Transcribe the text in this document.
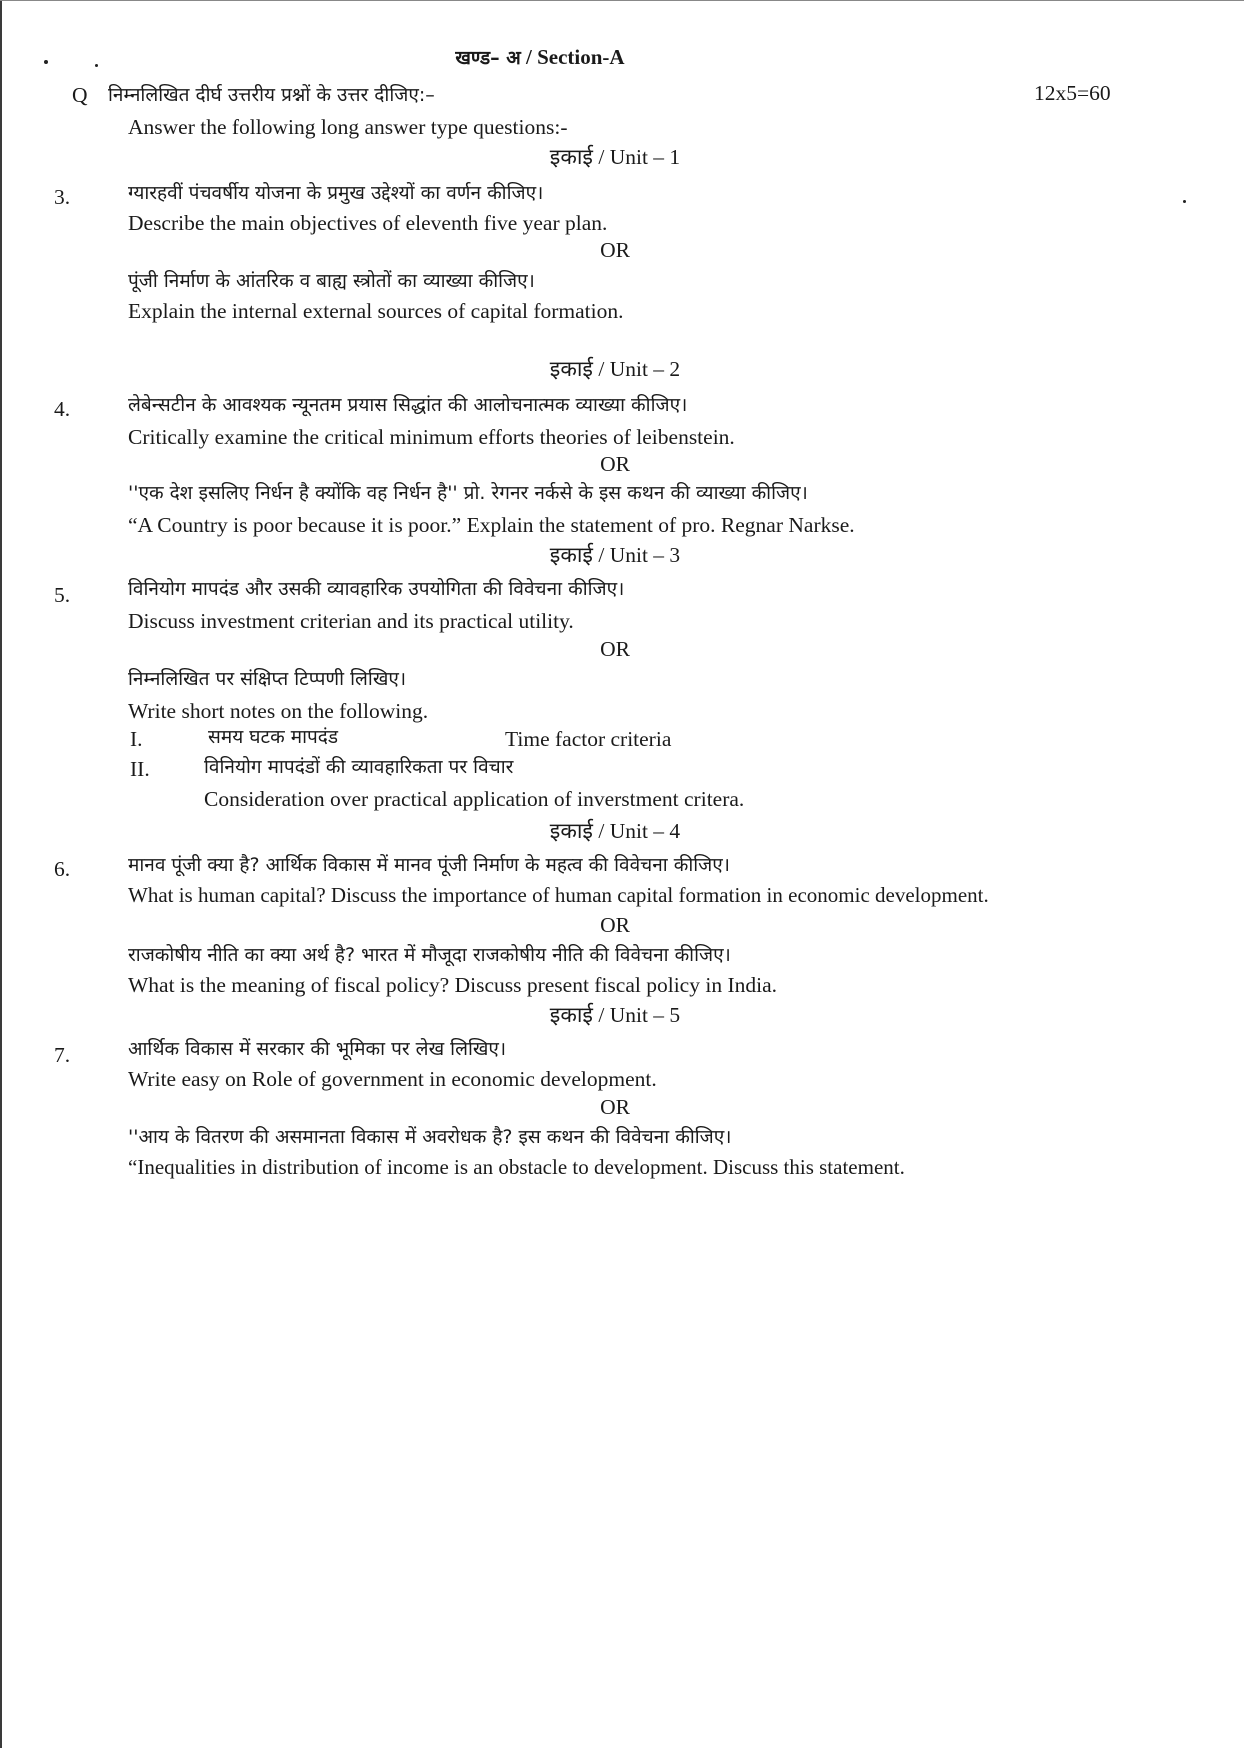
खण्ड– अ / Section-A
Q निम्नलिखित दीर्घ उत्तरीय प्रश्नों के उत्तर दीजिए:–	12x5=60
Answer the following long answer type questions:-
इकाई / Unit – 1
3.	ग्यारहवीं पंचवर्षीय योजना के प्रमुख उद्देश्यों का वर्णन कीजिए।
Describe the main objectives of eleventh five year plan.
OR
पूंजी निर्माण के आंतरिक व बाह्य स्त्रोतों का व्याख्या कीजिए।
Explain the internal external sources of capital formation.
इकाई / Unit – 2
4.	लेबेन्सटीन के आवश्यक न्यूनतम प्रयास सिद्धांत की आलोचनात्मक व्याख्या कीजिए।
Critically examine the critical minimum efforts theories of leibenstein.
OR
''एक देश इसलिए निर्धन है क्योंकि वह निर्धन है'' प्रो. रेगनर नर्कसे के इस कथन की व्याख्या कीजिए।
“A Country is poor because it is poor.” Explain the statement of pro. Regnar Narkse.
इकाई / Unit – 3
5.	विनियोग मापदंड और उसकी व्यावहारिक उपयोगिता की विवेचना कीजिए।
Discuss investment criterian and its practical utility.
OR
निम्नलिखित पर संक्षिप्त टिप्पणी लिखिए।
Write short notes on the following.
I.	समय घटक मापदंड	Time factor criteria
II.	विनियोग मापदंडों की व्यावहारिकता पर विचार
Consideration over practical application of inverstment critera.
इकाई / Unit – 4
6.	मानव पूंजी क्या है? आर्थिक विकास में मानव पूंजी निर्माण के महत्व की विवेचना कीजिए।
What is human capital? Discuss the importance of human capital formation in economic development.
OR
राजकोषीय नीति का क्या अर्थ है? भारत में मौजूदा राजकोषीय नीति की विवेचना कीजिए।
What is the meaning of fiscal policy? Discuss present fiscal policy in India.
इकाई / Unit – 5
7.	आर्थिक विकास में सरकार की भूमिका पर लेख लिखिए।
Write easy on Role of government in economic development.
OR
''आय के वितरण की असमानता विकास में अवरोधक है? इस कथन की विवेचना कीजिए।
“Inequalities in distribution of income is an obstacle to development. Discuss this statement.
